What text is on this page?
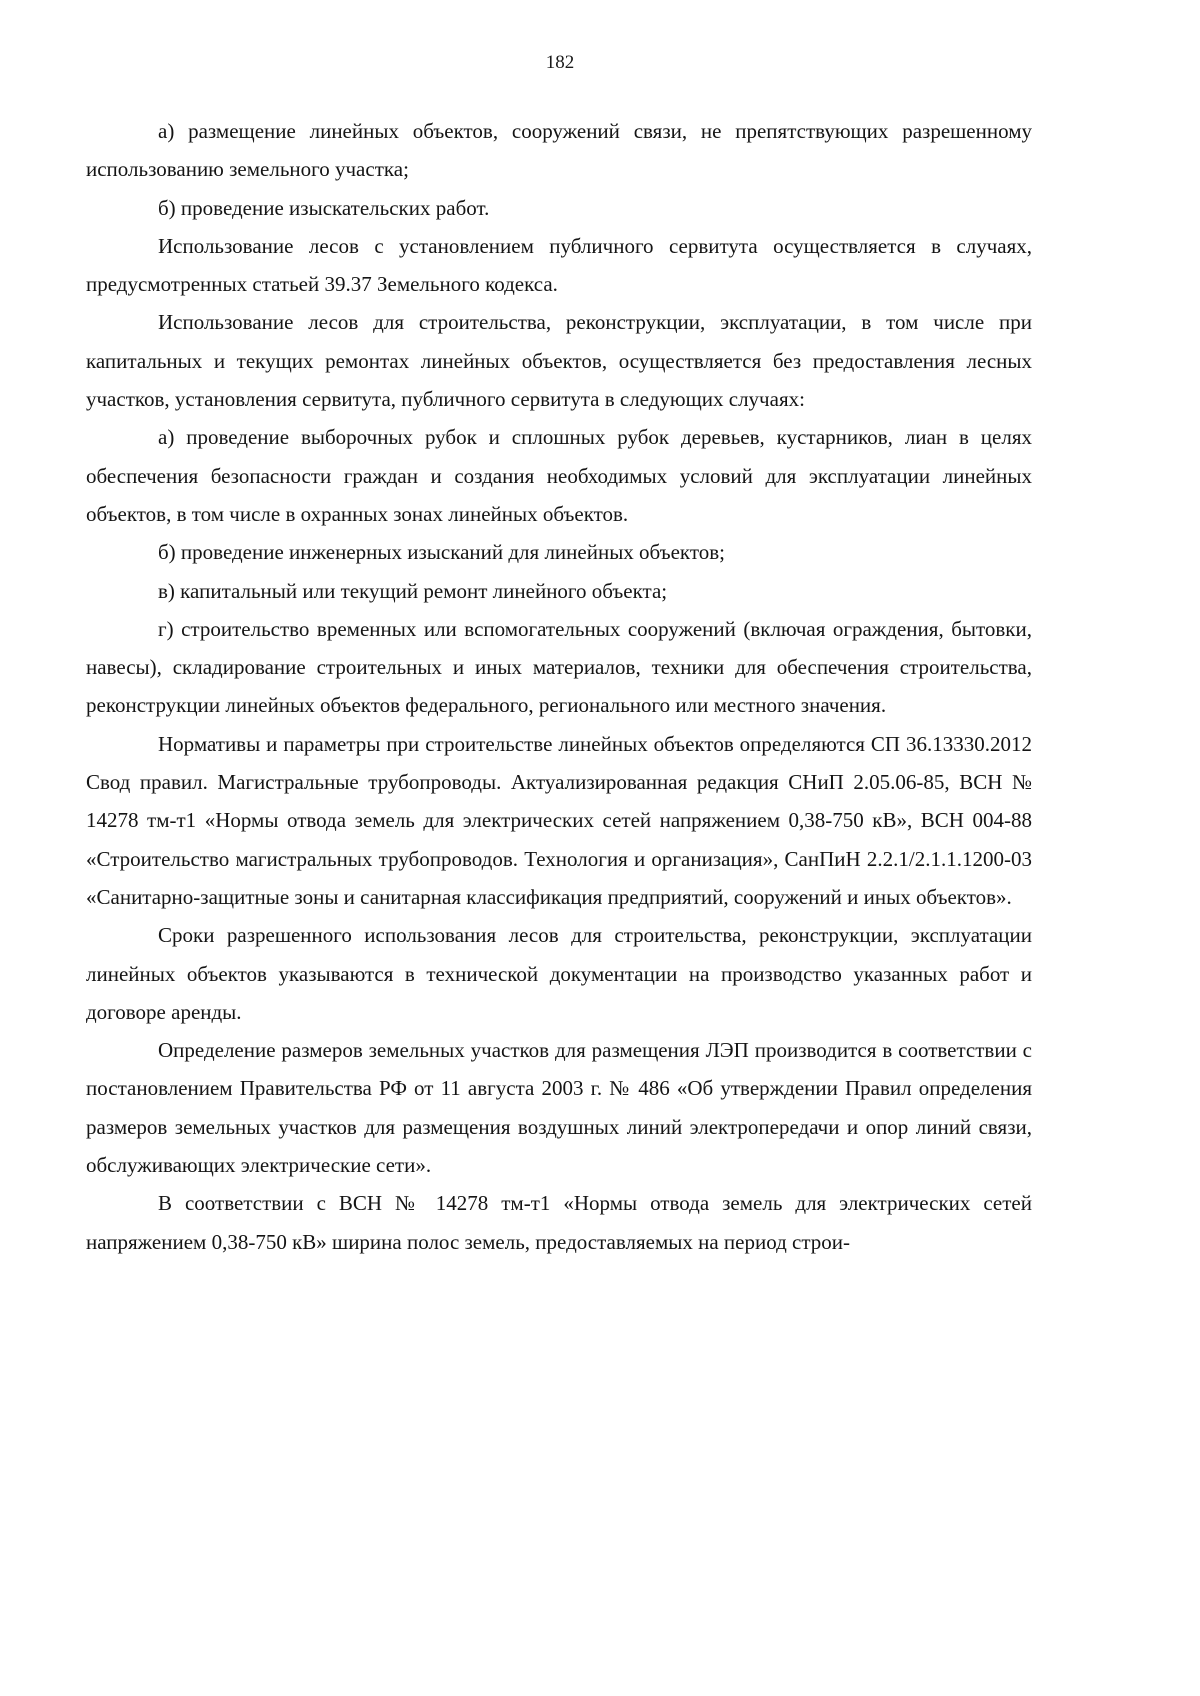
182

а) размещение линейных объектов, сооружений связи, не препятствующих разрешенному использованию земельного участка;

б) проведение изыскательских работ.

Использование лесов с установлением публичного сервитута осуществляется в случаях, предусмотренных статьей 39.37 Земельного кодекса.

Использование лесов для строительства, реконструкции, эксплуатации, в том числе при капитальных и текущих ремонтах линейных объектов, осуществляется без предоставления лесных участков, установления сервитута, публичного сервитута в следующих случаях:

а) проведение выборочных рубок и сплошных рубок деревьев, кустарников, лиан в целях обеспечения безопасности граждан и создания необходимых условий для эксплуатации линейных объектов, в том числе в охранных зонах линейных объектов.

б) проведение инженерных изысканий для линейных объектов;

в) капитальный или текущий ремонт линейного объекта;

г) строительство временных или вспомогательных сооружений (включая ограждения, бытовки, навесы), складирование строительных и иных материалов, техники для обеспечения строительства, реконструкции линейных объектов федерального, регионального или местного значения.

Нормативы и параметры при строительстве линейных объектов определяются СП 36.13330.2012 Свод правил. Магистральные трубопроводы. Актуализированная редакция СНиП 2.05.06-85, ВСН № 14278 тм-т1 «Нормы отвода земель для электрических сетей напряжением 0,38-750 кВ», ВСН 004-88 «Строительство магистральных трубопроводов. Технология и организация», СанПиН 2.2.1/2.1.1.1200-03 «Санитарно-защитные зоны и санитарная классификация предприятий, сооружений и иных объектов».

Сроки разрешенного использования лесов для строительства, реконструкции, эксплуатации линейных объектов указываются в технической документации на производство указанных работ и договоре аренды.

Определение размеров земельных участков для размещения ЛЭП производится в соответствии с постановлением Правительства РФ от 11 августа 2003 г. № 486 «Об утверждении Правил определения размеров земельных участков для размещения воздушных линий электропередачи и опор линий связи, обслуживающих электрические сети».

В соответствии с ВСН № 14278 тм-т1 «Нормы отвода земель для электрических сетей напряжением 0,38-750 кВ» ширина полос земель, предоставляемых на период строи-
